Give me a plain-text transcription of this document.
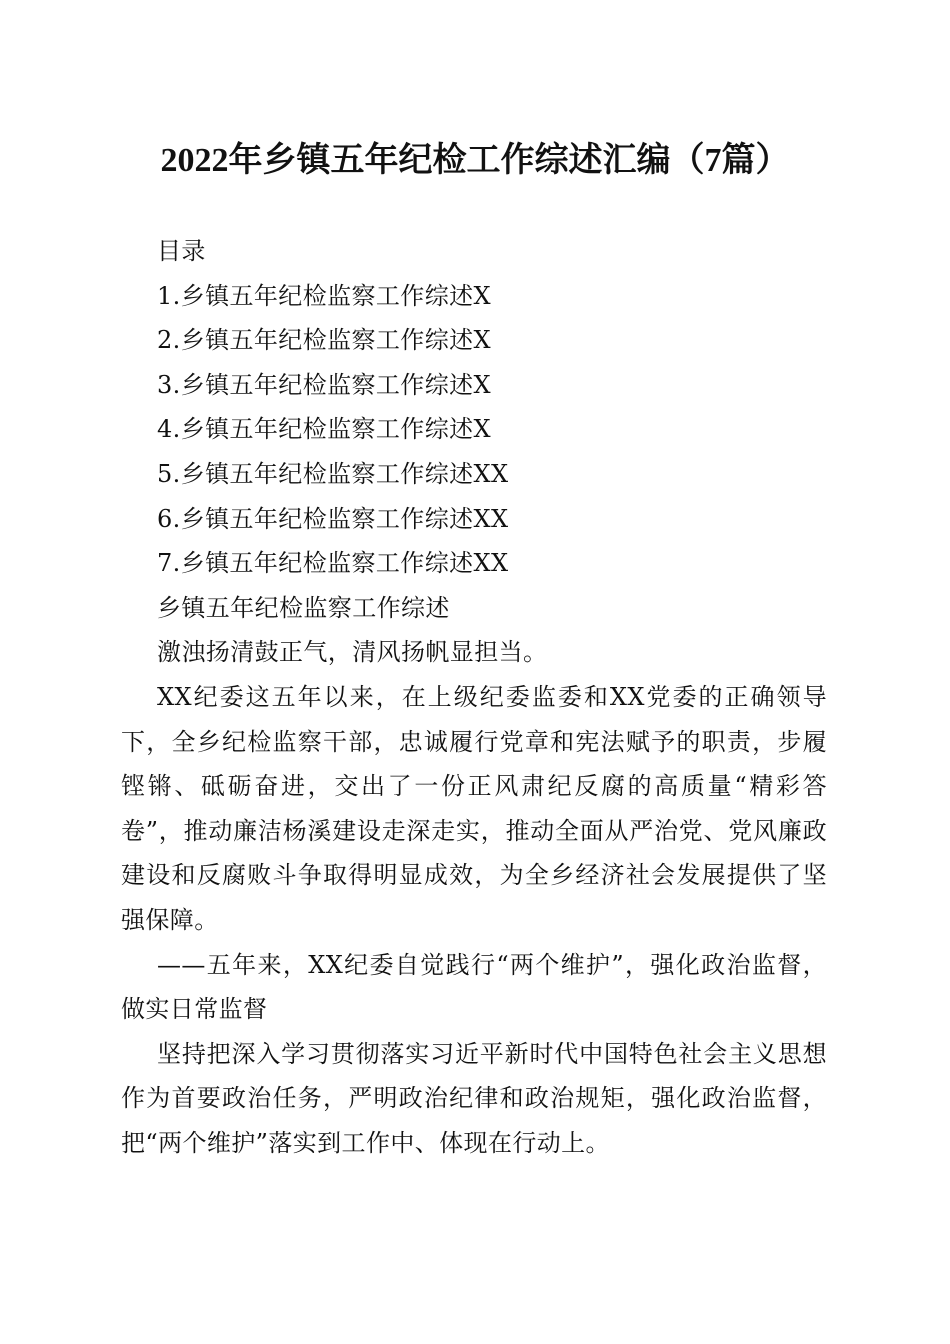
2022年乡镇五年纪检工作综述汇编（7篇）
目录
1.乡镇五年纪检监察工作综述X
2.乡镇五年纪检监察工作综述X
3.乡镇五年纪检监察工作综述X
4.乡镇五年纪检监察工作综述X
5.乡镇五年纪检监察工作综述XX
6.乡镇五年纪检监察工作综述XX
7.乡镇五年纪检监察工作综述XX
乡镇五年纪检监察工作综述
激浊扬清鼓正气，清风扬帆显担当。

XX纪委这五年以来，在上级纪委监委和XX党委的正确领导下，全乡纪检监察干部，忠诚履行党章和宪法赋予的职责，步履铿锵、砥砺奋进，交出了一份正风肃纪反腐的高质量“精彩答卷”，推动廉洁杨溪建设走深走实，推动全面从严治党、党风廉政建设和反腐败斗争取得明显成效，为全乡经济社会发展提供了坚强保障。

——五年来，XX纪委自觉践行“两个维护”，强化政治监督，做实日常监督

坚持把深入学习贯彻落实习近平新时代中国特色社会主义思想作为首要政治任务，严明政治纪律和政治规矩，强化政治监督，把“两个维护”落实到工作中、体现在行动上。
